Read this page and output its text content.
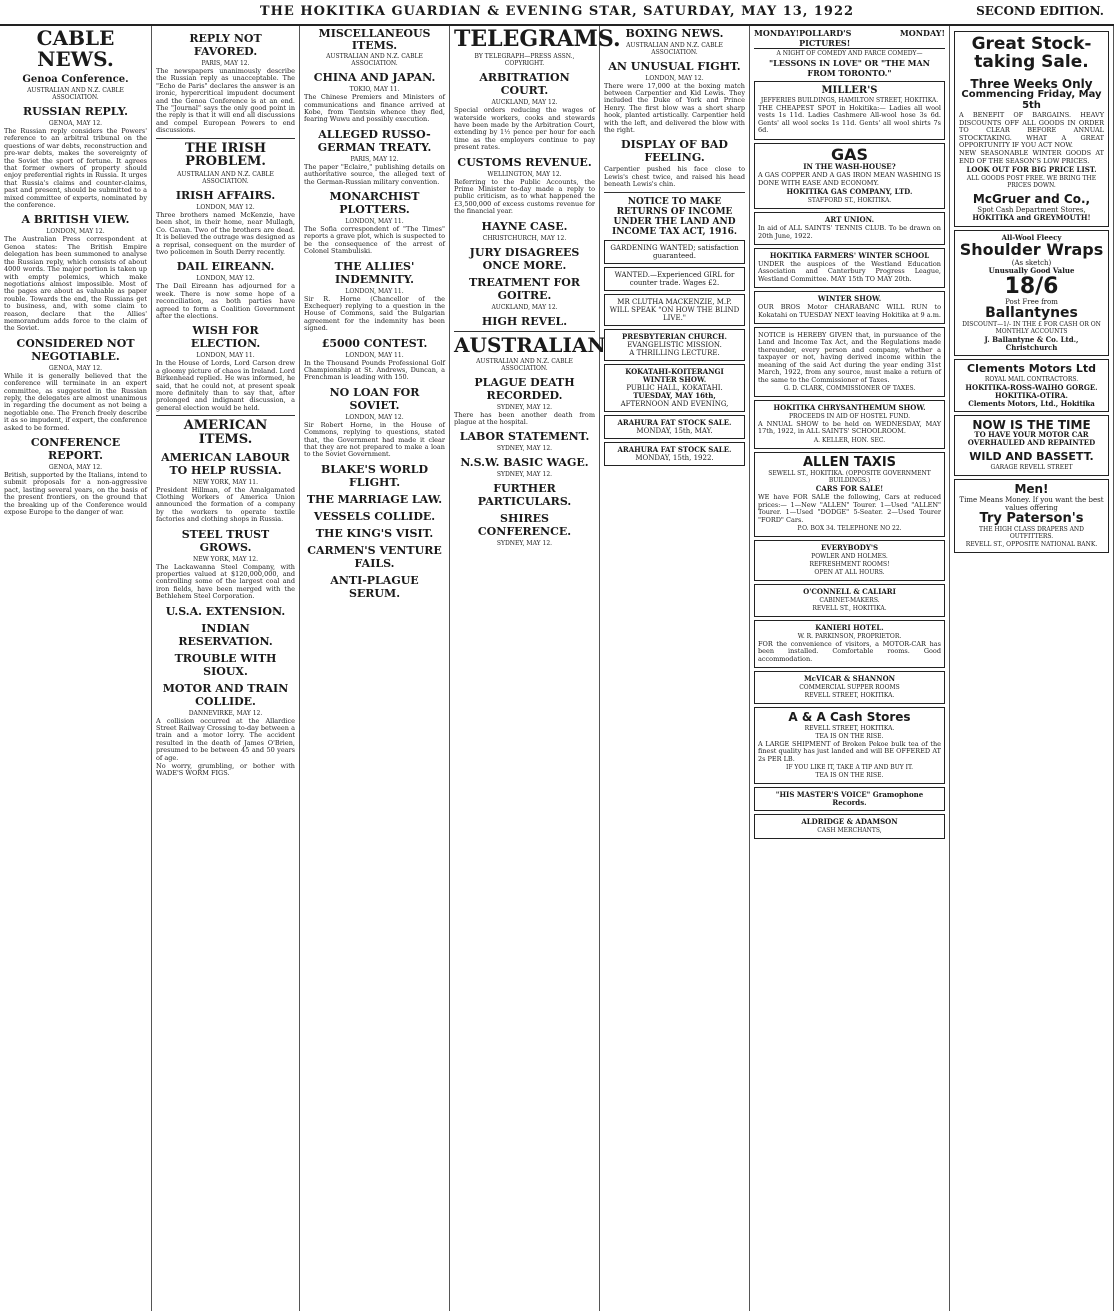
THE HOKITIKA GUARDIAN & EVENING STAR, SATURDAY, MAY 13, 1922	SECOND EDITION.
CABLE NEWS.
Genoa Conference.
AUSTRALIAN AND N.Z. CABLE ASSOCIATION.
RUSSIAN REPLY.
GENOA, MAY 12.

The Russian reply considers the Powers' reference to an arbitral tribunal on the questions of war debts, reconstruction and pre-war debts, makes the sovereignty of the Soviet the sport of fortune. It agrees that former owners of property should enjoy preferential rights in Russia. It urges that Russia's claims and counter-claims, past and present, should be submitted to a mixed committee of experts, nominated by the conference.

A BRITISH VIEW.
LONDON, MAY 12.

The Australian Press correspondent at Genoa states: The British Empire delegation has been summoned to analyse the Russian reply, which consists of about 4000 words. The major portion is taken up with empty polemics, which make negotiations almost impossible. Most of the pages are about as valuable as paper rouble. Towards the end, the Russians get to business, and, with some claim to reason, declare that the Allies' memorandum adds force to the claim of the Soviet.

CONSIDERED NOT NEGOTIABLE.
GENOA, MAY 12.

While it is generally believed that the conference will terminate in an expert committee, as suggested in the Russian reply, the delegates are almost unanimous in regarding the document as not being a negotiable one. The French freely describe it as so impudent, if expert, the conference asked to be formed.

CONFERENCE REPORT.
GENOA, MAY 12.

British, supported by the Italians, intend to submit proposals for a non-aggressive pact, lasting several years, on the basis of the present frontiers, on the ground that the breaking up of the Conference would expose Europe to the danger of war.

REPLY NOT FAVORED.
PARIS, MAY 12.

The newspapers unanimously describe the Russian reply as unacceptable. The "Echo de Paris" declares the answer is an ironic, hypercritical impudent document and the Genoa Conference is at an end. The "Journal" says the only good point in the reply is that it will end all discussions and compel European Powers to end discussions.

THE IRISH PROBLEM.
AUSTRALIAN AND N.Z. CABLE ASSOCIATION.
IRISH AFFAIRS.
LONDON, MAY 12.

Three brothers named McKenzie, have been shot, in their home, near Mullagh, Co. Cavan. Two of the brothers are dead. It is believed the outrage was designed as a reprisal, consequent on the murder of two policemen in South Derry recently.

DAIL EIREANN.
LONDON, MAY 12.

The Dail Eireann has adjourned for a week. There is now some hope of a reconciliation, as both parties have agreed to form a Coalition Government after the elections.

WISH FOR ELECTION.
LONDON, MAY 11.

In the House of Lords, Lord Carson drew a gloomy picture of chaos in Ireland. Lord Birkenhead replied. He was informed, he said, that he could not, at present speak more definitely than to say that, after prolonged and indignant discussion, a general election would be held.

AMERICAN ITEMS.
AMERICAN LABOUR TO HELP RUSSIA.
NEW YORK, MAY 11.

President Hillman, of the Amalgamated Clothing Workers of America Union announced the formation of a company by the workers to operate textile factories and clothing shops in Russia.

STEEL TRUST GROWS.
NEW YORK, MAY 12.

The Lackawanna Steel Company, with properties valued at $120,000,000, and controlling some of the largest coal and iron fields, have been merged with the Bethlehem Steel Corporation.

U.S.A. EXTENSION.
INDIAN RESERVATION.
TROUBLE WITH SIOUX.
MOTOR AND TRAIN COLLIDE.
DANNEVIRKE, MAY 12.

A collision occurred at the Allardice Street Railway Crossing to-day between a train and a motor lorry. The accident resulted in the death of James O'Brien, presumed to be between 45 and 50 years of age.

No worry, grumbling, or bother with WADE'S WORM FIGS.

MISCELLANEOUS ITEMS.
AUSTRALIAN AND N.Z. CABLE ASSOCIATION.
CHINA AND JAPAN.
TOKIO, MAY 11.

The Chinese Premiers and Ministers of communications and finance arrived at Kobe, from Tientsin whence they fled, fearing Wuwu and possibly execution.

ALLEGED RUSSO-GERMAN TREATY.
PARIS, MAY 12.

The paper "Eclaire," publishing details on authoritative source, the alleged text of the German-Russian military convention.

MONARCHIST PLOTTERS.
LONDON, MAY 11.

The Sofia correspondent of "The Times" reports a grave plot, which is suspected to be the consequence of the arrest of Colonel Stambuliski.

THE ALLIES' INDEMNITY.
LONDON, MAY 11.

Sir R. Horne (Chancellor of the Exchequer) replying to a question in the House of Commons, said the Bulgarian agreement for the indemnity has been signed.

£5000 CONTEST.
LONDON, MAY 11.

In the Thousand Pounds Professional Golf Championship at St. Andrews, Duncan, a Frenchman is leading with 150.

NO LOAN FOR SOVIET.
LONDON, MAY 12.

Sir Robert Horne, in the House of Commons, replying to questions, stated that, the Government had made it clear that they are not prepared to make a loan to the Soviet Government.

BLAKE'S WORLD FLIGHT.
THE MARRIAGE LAW.
VESSELS COLLIDE.
THE KING'S VISIT.
CARMEN'S VENTURE FAILS.
ANTI-PLAGUE SERUM.
TELEGRAMS.
BY TELEGRAPH—PRESS ASSN., COPYRIGHT.
ARBITRATION COURT.
AUCKLAND, MAY 12.

Special orders reducing the wages of waterside workers, cooks and stewards have been made by the Arbitration Court, extending by 1½ pence per hour for each time as the employers continue to pay present rates.

CUSTOMS REVENUE.
WELLINGTON, MAY 12.

Referring to the Public Accounts, the Prime Minister to-day made a reply to public criticism, as to what happened the £3,500,000 of excess customs revenue for the financial year.

HAYNE CASE.
CHRISTCHURCH, MAY 12.
JURY DISAGREES ONCE MORE.
TREATMENT FOR GOITRE.
AUCKLAND, MAY 12.
HIGH REVEL.
AUSTRALIAN
AUSTRALIAN AND N.Z. CABLE ASSOCIATION.
PLAGUE DEATH RECORDED.
SYDNEY, MAY 12.

There has been another death from plague at the hospital.

LABOR STATEMENT.
SYDNEY, MAY 12.
N.S.W. BASIC WAGE.
SYDNEY, MAY 12.
FURTHER PARTICULARS.
SHIRES CONFERENCE.
SYDNEY, MAY 12.
BOXING NEWS.
AUSTRALIAN AND N.Z. CABLE ASSOCIATION.
AN UNUSUAL FIGHT.
LONDON, MAY 12.

There were 17,000 at the boxing match between Carpentier and Kid Lewis. They included the Duke of York and Prince Henry. The first blow was a short sharp hook, planted artistically. Carpentier held with the left, and delivered the blow with the right.

DISPLAY OF BAD FEELING.

Carpentier pushed his face close to Lewis's chest twice, and raised his head beneath Lewis's chin.

NOTICE TO MAKE RETURNS OF INCOME UNDER THE LAND AND INCOME TAX ACT, 1916.
GARDENING WANTED; satisfaction guaranteed.
WANTED.—Experienced GIRL for counter trade. Wages £2.
MR CLUTHA MACKENZIE, M.P. WILL SPEAK "ON HOW THE BLIND LIVE."
PRESBYTERIAN CHURCH.
EVANGELISTIC MISSION.
A THRILLING LECTURE.
KOKATAHI-KOITERANGI WINTER SHOW.
PUBLIC HALL, KOKATAHI.
TUESDAY, MAY 16th,
AFTERNOON AND EVENING,
ARAHURA FAT STOCK SALE.
MONDAY, 15th, MAY.
ARAHURA FAT STOCK SALE.
MONDAY, 15th, 1922.
MONDAY! POLLARD'S PICTURES!
MONDAY!
A NIGHT OF COMEDY AND FARCE COMEDY—
"LESSONS IN LOVE" OR "THE MAN FROM TORONTO."
MILLER'S
JEFFERIES BUILDINGS, HAMILTON STREET, HOKITIKA.

THE CHEAPEST SPOT in Hokitika:— Ladies all wool vests 1s 11d. Ladies Cashmere All-wool hose 3s 6d. Gents' all wool socks 1s 11d. Gents' all wool shirts 7s 6d.

GAS
IN THE WASH-HOUSE?

A GAS COPPER AND A GAS IRON MEAN WASHING IS DONE WITH EASE AND ECONOMY.

HOKITIKA GAS COMPANY, LTD.
STAFFORD ST., HOKITIKA.
ART UNION.

In aid of ALL SAINTS' TENNIS CLUB. To be drawn on 20th June, 1922.

HOKITIKA FARMERS' WINTER SCHOOL

UNDER the auspices of the Westland Education Association and Canterbury Progress League, Westland Committee. MAY 15th TO MAY 20th.

WINTER SHOW.

OUR BROS Motor CHARABANC WILL RUN to Kokatahi on TUESDAY NEXT leaving Hokitika at 9 a.m.

NOTICE is HEREBY GIVEN that, in pursuance of the Land and Income Tax Act, and the Regulations made thereunder, every person and company, whether a taxpayer or not, having derived income within the meaning of the said Act during the year ending 31st March, 1922, from any source, must make a return of the same to the Commissioner of Taxes.

G. D. CLARK, COMMISSIONER OF TAXES.
HOKITIKA CHRYSANTHEMUM SHOW.
PROCEEDS IN AID OF HOSTEL FUND.

A NNUAL SHOW to be held on WEDNESDAY, MAY 17th, 1922, in ALL SAINTS' SCHOOLROOM.

A. KELLER, HON. SEC.
ALLEN TAXIS
SEWELL ST., HOKITIKA. (OPPOSITE GOVERNMENT BUILDINGS.)
CARS FOR SALE!

WE have FOR SALE the following, Cars at reduced prices:— 1—New "ALLEN" Tourer. 1—Used "ALLEN" Tourer. 1—Used "DODGE" 5-Seater. 2—Used Tourer "FORD" Cars.

P.O. BOX 34. TELEPHONE NO 22.
EVERYBODY'S
POWLER AND HOLMES.
REFRESHMENT ROOMS!
OPEN AT ALL HOURS.
O'CONNELL & CALIARI
CABINET-MAKERS.
REVELL ST., HOKITIKA.
KANIERI HOTEL.
W. R. PARKINSON, PROPRIETOR.

FOR the convenience of visitors, a MOTOR-CAR has been installed. Comfortable rooms. Good accommodation.

McVICAR & SHANNON
COMMERCIAL SUPPER ROOMS
REVELL STREET, HOKITIKA.
A & A Cash Stores
REVELL STREET, HOKITIKA.
TEA IS ON THE RISE.

A LARGE SHIPMENT of Broken Pekoe bulk tea of the finest quality has just landed and will BE OFFERED AT 2s PER LB.

IF YOU LIKE IT, TAKE A TIP AND BUY IT.
TEA IS ON THE RISE.
"HIS MASTER'S VOICE" Gramophone Records.
ALDRIDGE & ADAMSON
CASH MERCHANTS,
Great Stock-taking Sale.
Three Weeks Only
Commencing Friday, May 5th

A BENEFIT OF BARGAINS. HEAVY DISCOUNTS OFF ALL GOODS IN ORDER TO CLEAR BEFORE ANNUAL STOCKTAKING. WHAT A GREAT OPPORTUNITY IF YOU ACT NOW.

NEW SEASONABLE WINTER GOODS AT END OF THE SEASON'S LOW PRICES.

LOOK OUT FOR BIG PRICE LIST.
ALL GOODS POST FREE. WE BRING THE PRICES DOWN.
McGruer and Co.,
Spot Cash Department Stores,
HOKITIKA and GREYMOUTH!
All-Wool Fleecy
Shoulder Wraps
(As sketch)
Unusually Good Value
18/6
Post Free from
Ballantynes
DISCOUNT—1/- IN THE £ FOR CASH OR ON MONTHLY ACCOUNTS
J. Ballantyne & Co. Ltd., Christchurch
Clements Motors Ltd
ROYAL MAIL CONTRACTORS.
HOKITIKA-ROSS-WAIHO GORGE.
HOKITIKA-OTIRA.
Clements Motors, Ltd., Hokitika
NOW IS THE TIME
TO HAVE YOUR MOTOR CAR OVERHAULED AND REPAINTED
WILD AND BASSETT.
GARAGE REVELL STREET
Men!
Time Means Money. If you want the best values offering
Try Paterson's
THE HIGH CLASS DRAPERS AND OUTFITTERS.
REVELL ST., OPPOSITE NATIONAL BANK.
